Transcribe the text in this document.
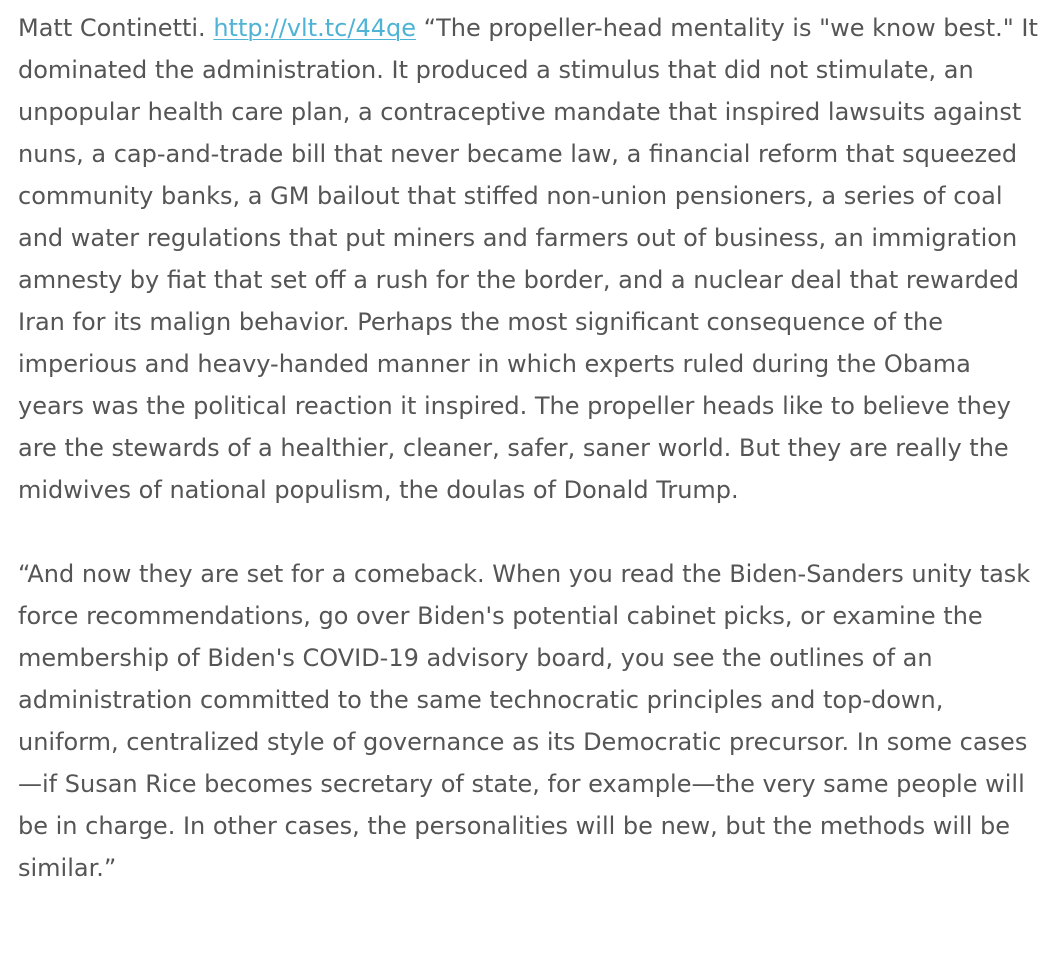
Matt Continetti. http://vlt.tc/44qe “The propeller-head mentality is "we know best." It dominated the administration. It produced a stimulus that did not stimulate, an unpopular health care plan, a contraceptive mandate that inspired lawsuits against nuns, a cap-and-trade bill that never became law, a financial reform that squeezed community banks, a GM bailout that stiffed non-union pensioners, a series of coal and water regulations that put miners and farmers out of business, an immigration amnesty by fiat that set off a rush for the border, and a nuclear deal that rewarded Iran for its malign behavior. Perhaps the most significant consequence of the imperious and heavy-handed manner in which experts ruled during the Obama years was the political reaction it inspired. The propeller heads like to believe they are the stewards of a healthier, cleaner, safer, saner world. But they are really the midwives of national populism, the doulas of Donald Trump.

“And now they are set for a comeback. When you read the Biden-Sanders unity task force recommendations, go over Biden's potential cabinet picks, or examine the membership of Biden's COVID-19 advisory board, you see the outlines of an administration committed to the same technocratic principles and top-down, uniform, centralized style of governance as its Democratic precursor. In some cases—if Susan Rice becomes secretary of state, for example—the very same people will be in charge. In other cases, the personalities will be new, but the methods will be similar.”
